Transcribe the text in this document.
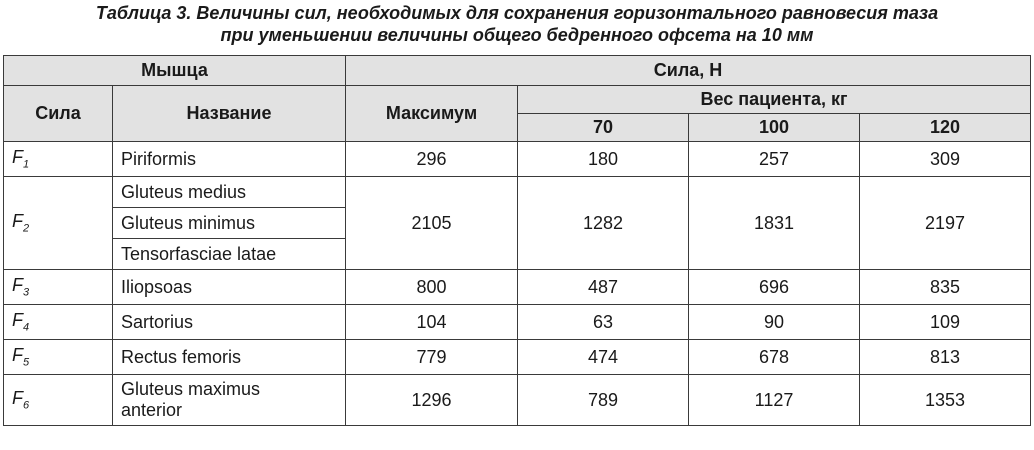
Таблица 3. Величины сил, необходимых для сохранения горизонтального равновесия таза
при уменьшении величины общего бедренного офсета на 10 мм
Мышца		Сила, Н			
Сила	Название	Максимум	Вес пациента, кг		
			70	100	120
$F_1$	Piriformis	296	180	257	309
$F_2$	Gluteus medius	2105	1282	1831	2197
	Gluteus minimus				
	Tensorfasciae latae				
$F_3$	Iliopsoas	800	487	696	835
$F_4$	Sartorius	104	63	90	109
$F_5$	Rectus femoris	779	474	678	813
$F_6$	Gluteus maximus anterior	1296	789	1127	1353
